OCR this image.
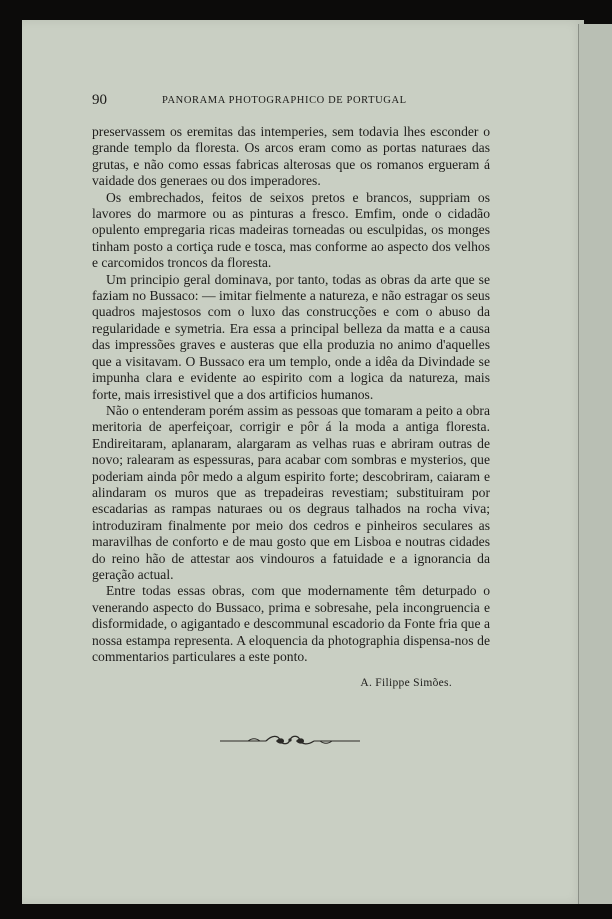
90	PANORAMA PHOTOGRAPHICO DE PORTUGAL

preservassem os eremitas das intemperies, sem todavia lhes esconder o grande templo da floresta. Os arcos eram como as portas naturaes das grutas, e não como essas fabricas alterosas que os romanos ergueram á vaidade dos generaes ou dos imperadores.

Os embrechados, feitos de seixos pretos e brancos, suppriam os lavores do marmore ou as pinturas a fresco. Emfim, onde o cidadão opulento empregaria ricas madeiras torneadas ou esculpidas, os monges tinham posto a cortiça rude e tosca, mas conforme ao aspecto dos velhos e carcomidos troncos da floresta.

Um principio geral dominava, por tanto, todas as obras da arte que se faziam no Bussaco: — imitar fielmente a natureza, e não estragar os seus quadros majestosos com o luxo das construcções e com o abuso da regularidade e symetria. Era essa a principal belleza da matta e a causa das impressões graves e austeras que ella produzia no animo d'aquelles que a visitavam. O Bussaco era um templo, onde a idêa da Divindade se impunha clara e evidente ao espirito com a logica da natureza, mais forte, mais irresistivel que a dos artificios humanos.

Não o entenderam porém assim as pessoas que tomaram a peito a obra meritoria de aperfeiçoar, corrigir e pôr á la moda a antiga floresta. Endireitaram, aplanaram, alargaram as velhas ruas e abriram outras de novo; ralearam as espessuras, para acabar com sombras e mysterios, que poderiam ainda pôr medo a algum espirito forte; descobriram, caiaram e alindaram os muros que as trepadeiras revestiam; substituiram por escadarias as rampas naturaes ou os degraus talhados na rocha viva; introduziram finalmente por meio dos cedros e pinheiros seculares as maravilhas de conforto e de mau gosto que em Lisboa e noutras cidades do reino hão de attestar aos vindouros a fatuidade e a ignorancia da geração actual.

Entre todas essas obras, com que modernamente têm deturpado o venerando aspecto do Bussaco, prima e sobresahe, pela incongruencia e disformidade, o agigantado e descommunal escadorio da Fonte fria que a nossa estampa representa. A eloquencia da photographia dispensa-nos de commentarios particulares a este ponto.

A. Filippe Simões.
